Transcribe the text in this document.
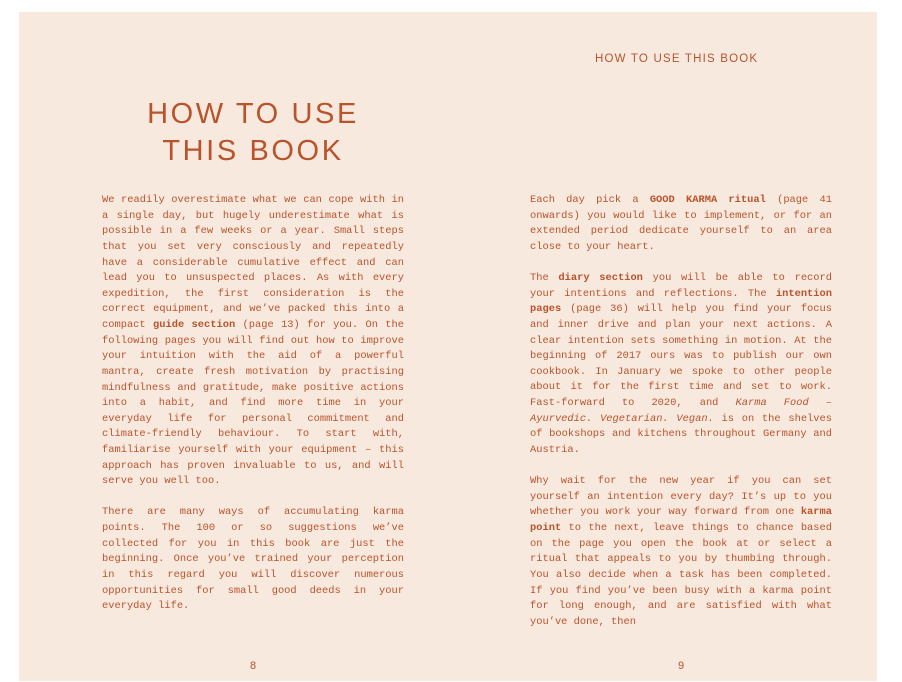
HOW TO USE THIS BOOK
HOW TO USE
THIS BOOK

We readily overestimate what we can cope with in a single day, but hugely underestimate what is possible in a few weeks or a year. Small steps that you set very consciously and repeatedly have a considerable cumulative effect and can lead you to unsuspected places. As with every expedition, the first consideration is the correct equipment, and we’ve packed this into a compact guide section (page 13) for you. On the following pages you will find out how to improve your intuition with the aid of a powerful mantra, create fresh motivation by practising mindfulness and gratitude, make positive actions into a habit, and find more time in your everyday life for personal commitment and climate-friendly behaviour. To start with, familiarise yourself with your equipment – this approach has proven invaluable to us, and will serve you well too.

There are many ways of accumulating karma points. The 100 or so suggestions we’ve collected for you in this book are just the beginning. Once you’ve trained your perception in this regard you will discover numerous opportunities for small good deeds in your everyday life.

Each day pick a GOOD KARMA ritual (page 41 onwards) you would like to implement, or for an extended period dedicate yourself to an area close to your heart.

The diary section you will be able to record your intentions and reflections. The intention pages (page 36) will help you find your focus and inner drive and plan your next actions. A clear intention sets something in motion. At the beginning of 2017 ours was to publish our own cookbook. In January we spoke to other people about it for the first time and set to work. Fast-forward to 2020, and Karma Food – Ayurvedic. Vegetarian. Vegan. is on the shelves of bookshops and kitchens throughout Germany and Austria.

Why wait for the new year if you can set yourself an intention every day? It’s up to you whether you work your way forward from one karma point to the next, leave things to chance based on the page you open the book at or select a ritual that appeals to you by thumbing through. You also decide when a task has been completed. If you find you’ve been busy with a karma point for long enough, and are satisfied with what you’ve done, then

8	9
